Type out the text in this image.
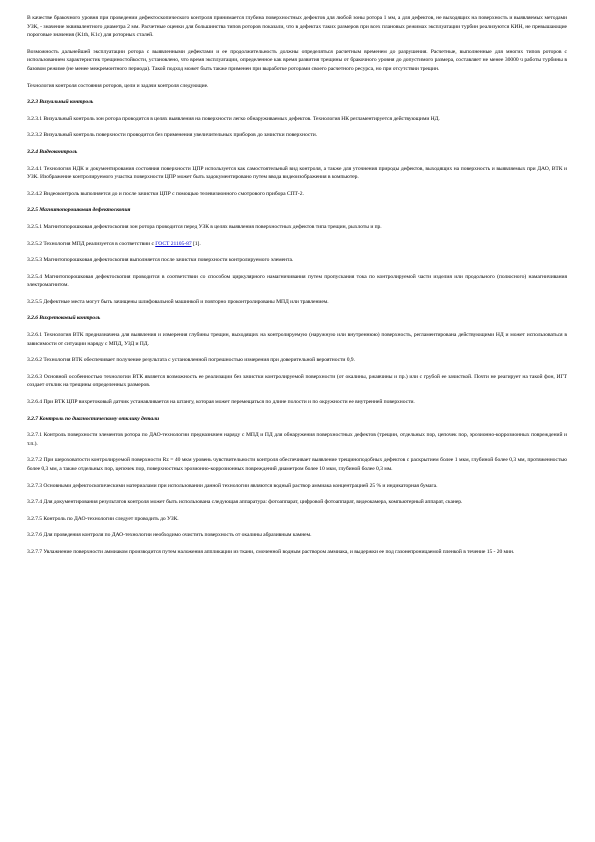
В качестве бракочного уровня при проведении дефектоскопического контроля принимается глубина поверхностных дефектов для любой зоны ротора 1 мм, а для дефектов, не выходящих на поверхность и выявляемых методами УЗК, - значение эквивалентного диаметра 2 мм. Расчетные оценки для большинства типов роторов показали, что в дефектах таких размеров при всех плановых режимах эксплуатации турбин реализуются КИН, не превышающие пороговые значения (K1th, K1c) для роторных сталей.

Возможность дальнейшей эксплуатации ротора с выявленными дефектами и ее продолжительность должны определяться расчетным временем до разрушения. Расчетные, выполненные для многих типов роторов с использованием характеристик трещиностойкости, установлено, что время эксплуатации, определенное как время развития трещины от бракочного уровня до допустимого размера, составляет не менее 30000 ч работы турбины в базовом режиме (не менее межремонтного периода). Такой подход может быть также применен при выработке роторами своего расчетного ресурса, но при отсутствии трещин.

Технология контроля состояния роторов, цели и задачи контроля следующие.

3.2.3 Визуальный контроль

3.2.3.1 Визуальный контроль зон ротора проводится в целях выявления на поверхности легко обнаруживаемых дефектов. Технология НК регламентируется действующими НД.

3.2.3.2 Визуальный контроль поверхности проводится без применения увеличительных приборов до зачистки поверхности.

3.2.4 Видеоконтроль

3.2.4.1 Технология НДК и документирования состояния поверхности ЦПР используется как самостоятельный вид контроля, а также для уточнения природы дефектов, выходящих на поверхность и выявляемых при ДАО, ВТК и УЗК. Изображение контролируемого участка поверхности ЦПР может быть задокументировано путем ввода видеоизображения в компьютер.

3.2.4.2 Видеоконтроль выполняется до и после зачистки ЦПР с помощью телевизионного смотрового прибора СПТ-2.

3.2.5 Магнитопорошковая дефектоскопия

3.2.5.1 Магнитопорошковая дефектоскопия зон ротора проводится перед УЗК в целях выявления поверхностных дефектов типа трещин, рыхлоты и пр.

3.2.5.2 Технология МПД реализуется в соответствии с ГОСТ 21105-87 [1].

3.2.5.3 Магнитопорошковая дефектоскопия выполняется после зачистки поверхности контролируемого элемента.

3.2.5.4 Магнитопорошковая дефектоскопия проводится в соответствии со способом циркулярного намагничивания путем пропускания тока по контролируемой части изделия или продольного (полюсного) намагничивания электромагнитом.

3.2.5.5 Дефектные места могут быть зачищены шлифовальной машинкой и повторно проконтролированы МПД или травлением.

3.2.6 Вихретоковый контроль

3.2.6.1 Технология ВТК предназначена для выявления и измерения глубины трещин, выходящих на контролируемую (наружную или внутреннюю) поверхность, регламентирована действующими НД и может использоваться в зависимости от ситуации наряду с МПД, УЗД и ПД.

3.2.6.2 Технология ВТК обеспечивает получение результата с установленной погрешностью измерения при доверительной вероятности 0,9.

3.2.6.3 Основной особенностью технологии ВТК является возможность ее реализации без зачистки контролируемой поверхности (от окалины, ржавчины и пр.) или с грубой ее зачисткой. Почти не реагирует на такой фон, ИГТ создает отклик на трещины определенных размеров.

3.2.6.4 При ВТК ЦПР вихретоковый датчик устанавливается на штангу, которая может перемещаться по длине полости и по окружности ее внутренней поверхности.

3.2.7 Контроль по диагностическому отклику детали

3.2.7.1 Контроль поверхности элементов ротора по ДАО-технологии предназначен наряду с МПД и ПД для обнаружения поверхностных дефектов (трещин, отдельных пор, цепочек пор, эрозионно-коррозионных повреждений и т.п.).

3.2.7.2 При шероховатости контролируемой поверхности Rz = 40 мкм уровень чувствительности контроля обеспечивает выявление трещиноподобных дефектов с раскрытием более 1 мкм, глубиной более 0,3 мм, протяженностью более 0,3 мм, а также отдельных пор, цепочек пор, поверхностных эрозионно-коррозионных повреждений диаметром более 10 мкм, глубиной более 0,3 мм.

3.2.7.3 Основными дефектоскопическими материалами при использовании данной технологии являются водный раствор аммиака концентрацией 25 % и индикаторная бумага.

3.2.7.4 Для документирования результатов контроля может быть использована следующая аппаратура: фотоаппарат, цифровой фотоаппарат, видеокамера, компьютерный аппарат, сканер.

3.2.7.5 Контроль по ДАО-технологии следует проводить до УЗК.

3.2.7.6 Для проведения контроля по ДАО-технологии необходимо очистить поверхность от окалины абразивным камнем.

3.2.7.7 Увлажнение поверхности аммиаком производится путем наложения аппликации из ткани, смоченной водным раствором аммиака, и выдержки ее под газонепроницаемой пленкой в течение 15 - 20 мин.
